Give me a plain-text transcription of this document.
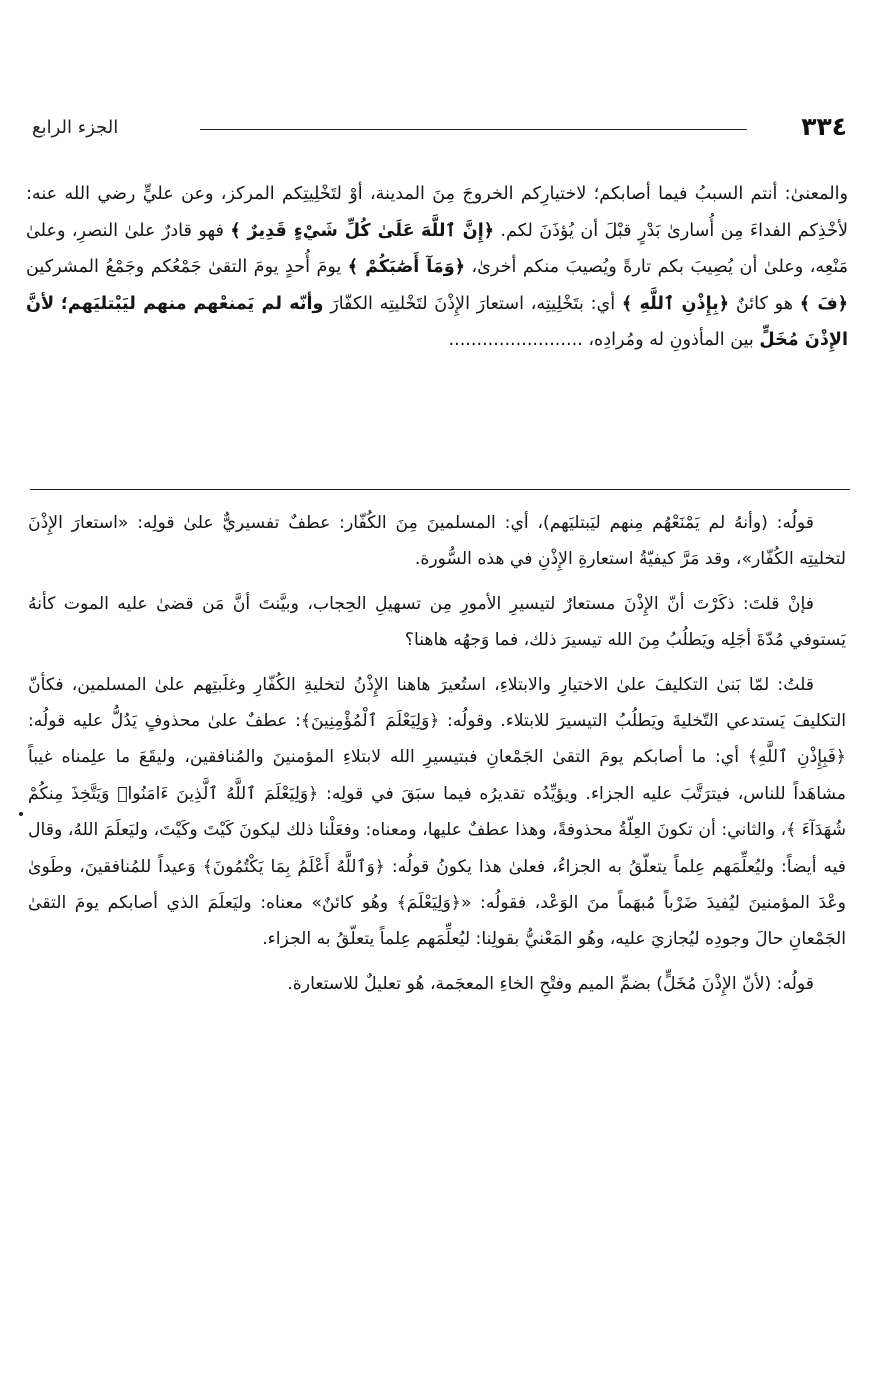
٣٣٤
الجزء الرابع

والمعنىٰ: أنتم السببُ فيما أصابكم؛ لاختيارِكم الخروجَ مِنَ المدينة، أوْ لتَخْلِيتِكم المركز، وعن عليٍّ رضي الله عنه: لأخْذِكم الفداءَ مِن أُسارىٰ بَدْرٍ قبْلَ أن يُؤذَنَ لكم. ﴿إِنَّ ٱللَّهَ عَلَىٰ كُلِّ شَيْءٍ قَدِيرٌ ﴾ فهو قادرٌ علىٰ النصرِ، وعلىٰ مَنْعِه، وعلىٰ أن يُصِيبَ بكم تارةً ويُصيبَ منكم أخرىٰ، ﴿وَمَآ أَصَٰبَكُمْ ﴾ يومَ أُحدٍ يومَ التقىٰ جَمْعُكم وجَمْعُ المشركين ﴿فَ ﴾ هو كائنٌ ﴿بِإِذْنِ ٱللَّهِ ﴾ أي: بتَخْلِيتِه، استعارَ الإِذْنَ لتَخْليتِه الكفّارَ وأنّه لم يَمنعْهم منهم ليَبْتليَهم؛ لأنَّ الإِذْنَ مُخَلٍّ بين المأذونِ له ومُرادِه، ........................

قولُه: (وأنهُ لم يَمْنَعْهُم مِنهم ليَبتليَهم)، أي: المسلمينَ مِنَ الكُفّار: عطفٌ تفسيريٌّ علىٰ قولِه: «استعارَ الإِذْنَ لتخليتِه الكُفّار»، وقد مَرَّ كيفيّةُ استعارةِ الإِذْنِ في هذه السُّورة.

فإنْ قلتَ: ذكَرْتَ أنّ الإِذْنَ مستعارٌ لتيسيرِ الأمورِ مِن تسهيلِ الحِجاب، وبيَّنتَ أنَّ مَن قضىٰ عليه الموت كأنهُ يَستوفي مُدّةَ أجَلِه ويَطلُبُ مِنَ الله تيسيرَ ذلك، فما وَجهُه هاهنا؟

قلتُ: لمّا بَنىٰ التكليفَ علىٰ الاختيارِ والابتلاءِ، استُعيرَ هاهنا الإِذْنُ لتخليةِ الكُفّارِ وغلَبتِهم علىٰ المسلمين، فكأنّ التكليفَ يَستدعي التّخليةَ ويَطلُبُ التيسيرَ للابتلاء. وقولُه: ﴿وَلِيَعْلَمَ ٱلْمُؤْمِنِينَ﴾: عطفٌ علىٰ محذوفٍ يَدُلُّ عليه قولُه: ﴿فَبِإِذْنِ ٱللَّهِ﴾ أي: ما أصابكم يومَ التقىٰ الجَمْعانِ فبتيسيرِ الله لابتلاءِ المؤمنينَ والمُنافقين، وليقَعَ ما علِمناه غيباً مشاهَداً للناس، فيترَتَّبَ عليه الجزاء. ويؤيِّدُه تقديرُه فيما سبَقَ في قولِه: ﴿وَلِيَعْلَمَ ٱللَّهُ ٱلَّذِينَ ءَامَنُوا۟ وَيَتَّخِذَ مِنكُمْ شُهَدَآءَ ﴾، والثاني: أن تكونَ العِلّةُ محذوفةً، وهذا عطفٌ عليها، ومعناه: وفعَلْنا ذلك ليكونَ كَيْتَ وكَيْتَ، وليَعلَمَ اللهُ، وقال فيه أيضاً: وليُعلِّمَهم عِلماً يتعلّقُ به الجزاءُ، فعلىٰ هذا يكونُ قولُه: ﴿وَٱللَّهُ أَعْلَمُ بِمَا يَكْتُمُونَ﴾ وَعيداً للمُنافقينَ، وطَوىٰ وعْدَ المؤمنينَ ليُفيدَ ضَرْباً مُبهَماً منَ الوَعْد، فقولُه: «﴿وَلِيَعْلَمَ﴾ وهُو كائنٌ» معناه: وليَعلَمَ الذي أصابكم يومَ التقىٰ الجَمْعانِ حالَ وجودِه ليُجازيَ عليه، وهُو المَعْنيُّ بقولِنا: ليُعلِّمَهم عِلماً يتعلّقُ به الجزاء.

قولُه: (لأنّ الإِذْنَ مُخَلٍّ) بضمِّ الميم وفتْحِ الخاءِ المعجَمة، هُو تعليلٌ للاستعارة.
